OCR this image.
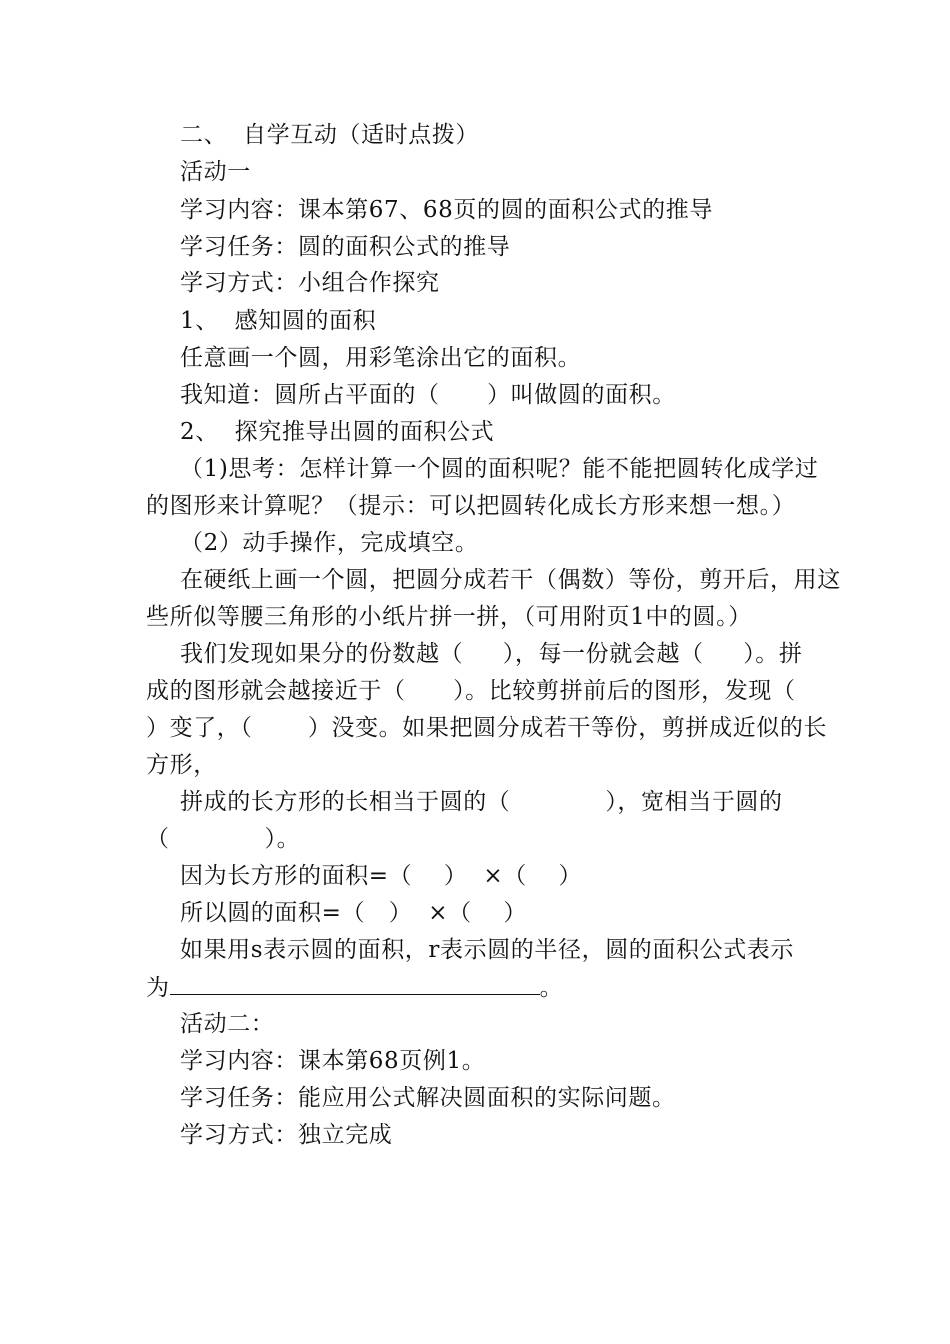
二、  自学互动（适时点拨）
活动一
学习内容：课本第67、68页的圆的面积公式的推导
学习任务：圆的面积公式的推导
学习方式：小组合作探究
1、  感知圆的面积
任意画一个圆，用彩笔涂出它的面积。
我知道：圆所占平面的（      ）叫做圆的面积。
2、  探究推导出圆的面积公式
（1)思考：怎样计算一个圆的面积呢？能不能把圆转化成学过
的图形来计算呢？（提示：可以把圆转化成长方形来想一想。）
（2）动手操作，完成填空。
在硬纸上画一个圆，把圆分成若干（偶数）等份，剪开后，用这
些所似等腰三角形的小纸片拼一拼，（可用附页1中的圆。）
我们发现如果分的份数越（     ），每一份就会越（     ）。拼
成的图形就会越接近于（      ）。比较剪拼前后的图形，发现（
）变了，（       ）没变。如果把圆分成若干等份，剪拼成近似的长
方形，
拼成的长方形的长相当于圆的（            ），宽相当于圆的
（            ）。
因为长方形的面积=（    ）  ×（    ）
所以圆的面积=（   ）  ×（    ）
如果用s表示圆的面积，r表示圆的半径，圆的面积公式表示
为	。
活动二：
学习内容：课本第68页例1。
学习任务：能应用公式解决圆面积的实际问题。
学习方式：独立完成
